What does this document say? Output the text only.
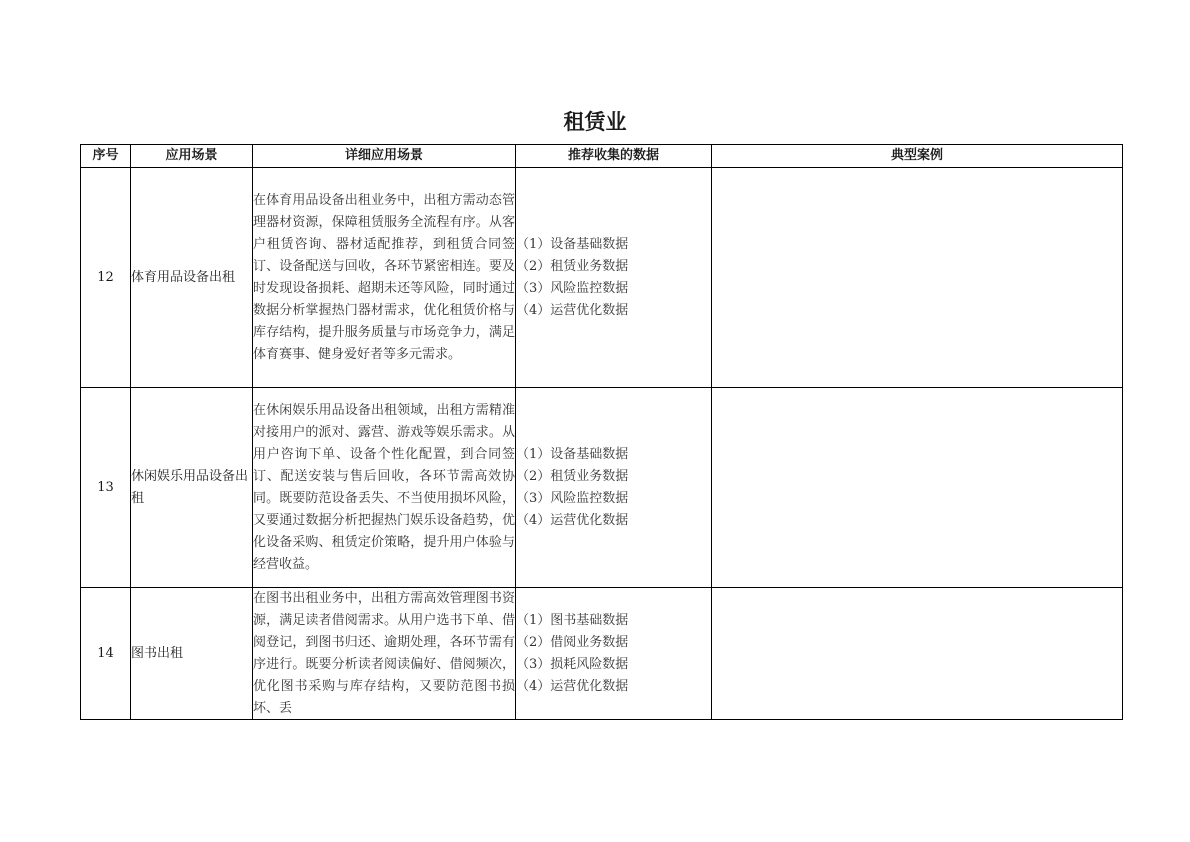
租赁业
序号	应用场景	详细应用场景	推荐收集的数据	典型案例
12	体育用品设备出租	在体育用品设备出租业务中，出租方需动态管理器材资源，保障租赁服务全流程有序。从客户租赁咨询、器材适配推荐，到租赁合同签订、设备配送与回收，各环节紧密相连。要及时发现设备损耗、超期未还等风险，同时通过数据分析掌握热门器材需求，优化租赁价格与库存结构，提升服务质量与市场竞争力，满足体育赛事、健身爱好者等多元需求。	（1）设备基础数据
（2）租赁业务数据
（3）风险监控数据
（4）运营优化数据	

13	休闲娱乐用品设备出租	在休闲娱乐用品设备出租领域，出租方需精准对接用户的派对、露营、游戏等娱乐需求。从用户咨询下单、设备个性化配置，到合同签订、配送安装与售后回收，各环节需高效协同。既要防范设备丢失、不当使用损坏风险，又要通过数据分析把握热门娱乐设备趋势，优化设备采购、租赁定价策略，提升用户体验与经营收益。	（1）设备基础数据
（2）租赁业务数据
（3）风险监控数据
（4）运营优化数据	

14	图书出租	在图书出租业务中，出租方需高效管理图书资源，满足读者借阅需求。从用户选书下单、借阅登记，到图书归还、逾期处理，各环节需有序进行。既要分析读者阅读偏好、借阅频次，优化图书采购与库存结构，又要防范图书损坏、丢	（1）图书基础数据
（2）借阅业务数据
（3）损耗风险数据
（4）运营优化数据	
